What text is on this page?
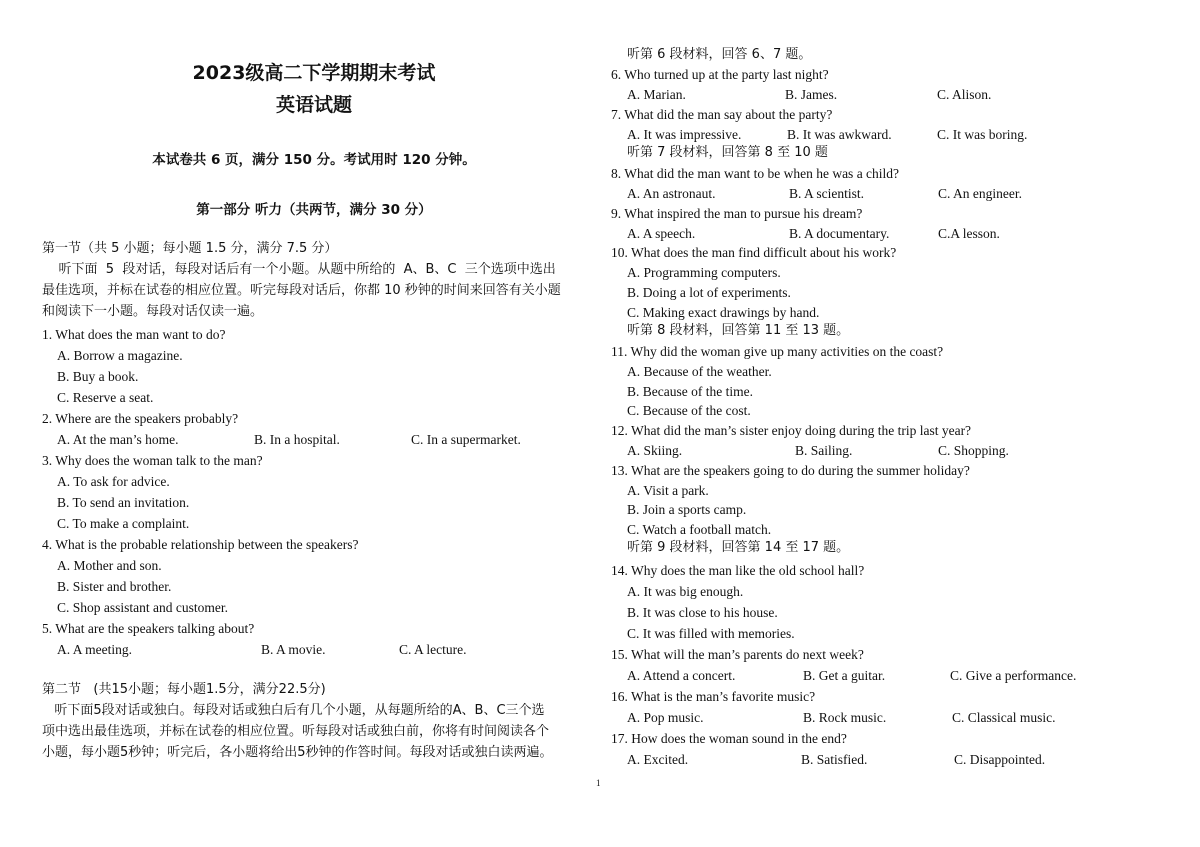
2023级高二下学期期末考试
英语试题
本试卷共 6 页，满分 150 分。考试用时 120 分钟。
第一部分 听力（共两节，满分 30 分）
第一节（共 5 小题；每小题 1.5 分，满分 7.5 分）
听下面  5  段对话，每段对话后有一个小题。从题中所给的  A、B、C  三个选项中选出
最佳选项，并标在试卷的相应位置。听完每段对话后，你都 10 秒钟的时间来回答有关小题
和阅读下一小题。每段对话仅读一遍。
1. What does the man want to do?
A. Borrow a magazine.
B. Buy a book.
C. Reserve a seat.
2. Where are the speakers probably?
A. At the man’s home.	B. In a hospital.	C. In a supermarket.
3. Why does the woman talk to the man?
A. To ask for advice.
B. To send an invitation.
C. To make a complaint.
4. What is the probable relationship between the speakers?
A. Mother and son.
B. Sister and brother.
C. Shop assistant and customer.
5. What are the speakers talking about?
A. A meeting.	B. A movie.	C. A lecture.
第二节   (共15小题；每小题1.5分，满分22.5分)
听下面5段对话或独白。每段对话或独白后有几个小题，从每题所给的A、B、C三个选
项中选出最佳选项，并标在试卷的相应位置。听每段对话或独白前，你将有时间阅读各个
小题，每小题5秒钟；听完后，各小题将给出5秒钟的作答时间。每段对话或独白读两遍。
听第 6 段材料，回答 6、7 题。
6. Who turned up at the party last night?
A. Marian.	B. James.	C. Alison.
7. What did the man say about the party?
A. It was impressive.	B. It was awkward.	C. It was boring.
听第 7 段材料，回答第 8 至 10 题
8. What did the man want to be when he was a child?
A. An astronaut.	B. A scientist.	C. An engineer.
9. What inspired the man to pursue his dream?
A. A speech.	B. A documentary.	C.A lesson.
10. What does the man find difficult about his work?
A. Programming computers.
B. Doing a lot of experiments.
C. Making exact drawings by hand.
听第 8 段材料，回答第 11 至 13 题。
11. Why did the woman give up many activities on the coast?
A. Because of the weather.
B. Because of the time.
C. Because of the cost.
12. What did the man’s sister enjoy doing during the trip last year?
A. Skiing.	B. Sailing.	C. Shopping.
13. What are the speakers going to do during the summer holiday?
A. Visit a park.
B. Join a sports camp.
C. Watch a football match.
听第 9 段材料，回答第 14 至 17 题。
14. Why does the man like the old school hall?
A. It was big enough.
B. It was close to his house.
C. It was filled with memories.
15. What will the man’s parents do next week?
A. Attend a concert.	B. Get a guitar.	C. Give a performance.
16. What is the man’s favorite music?
A. Pop music.	B. Rock music.	C. Classical music.
17. How does the woman sound in the end?
A. Excited.	B. Satisfied.	C. Disappointed.
1
